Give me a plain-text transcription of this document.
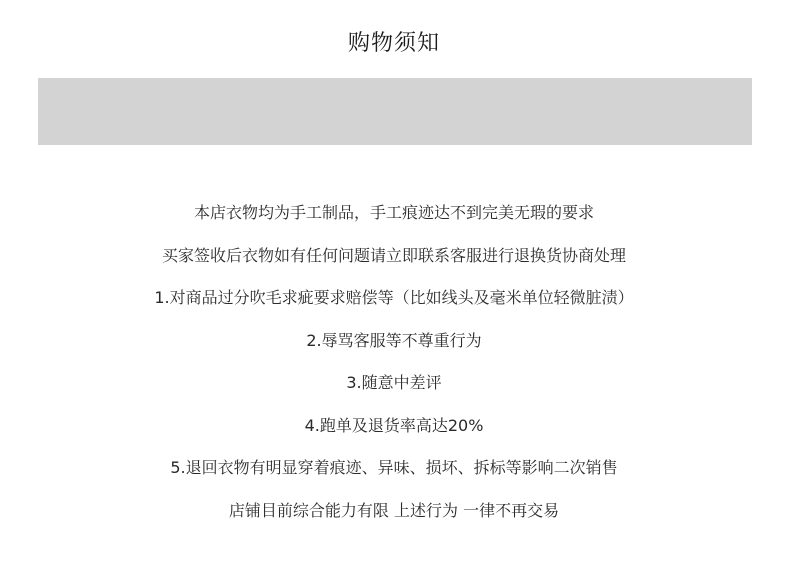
购物须知
本店衣物均为手工制品，手工痕迹达不到完美无瑕的要求
买家签收后衣物如有任何问题请立即联系客服进行退换货协商处理
1.对商品过分吹毛求疵要求赔偿等（比如线头及毫米单位轻微脏渍）
2.辱骂客服等不尊重行为
3.随意中差评
4.跑单及退货率高达20%
5.退回衣物有明显穿着痕迹、异味、损坏、拆标等影响二次销售
店铺目前综合能力有限 上述行为 一律不再交易
